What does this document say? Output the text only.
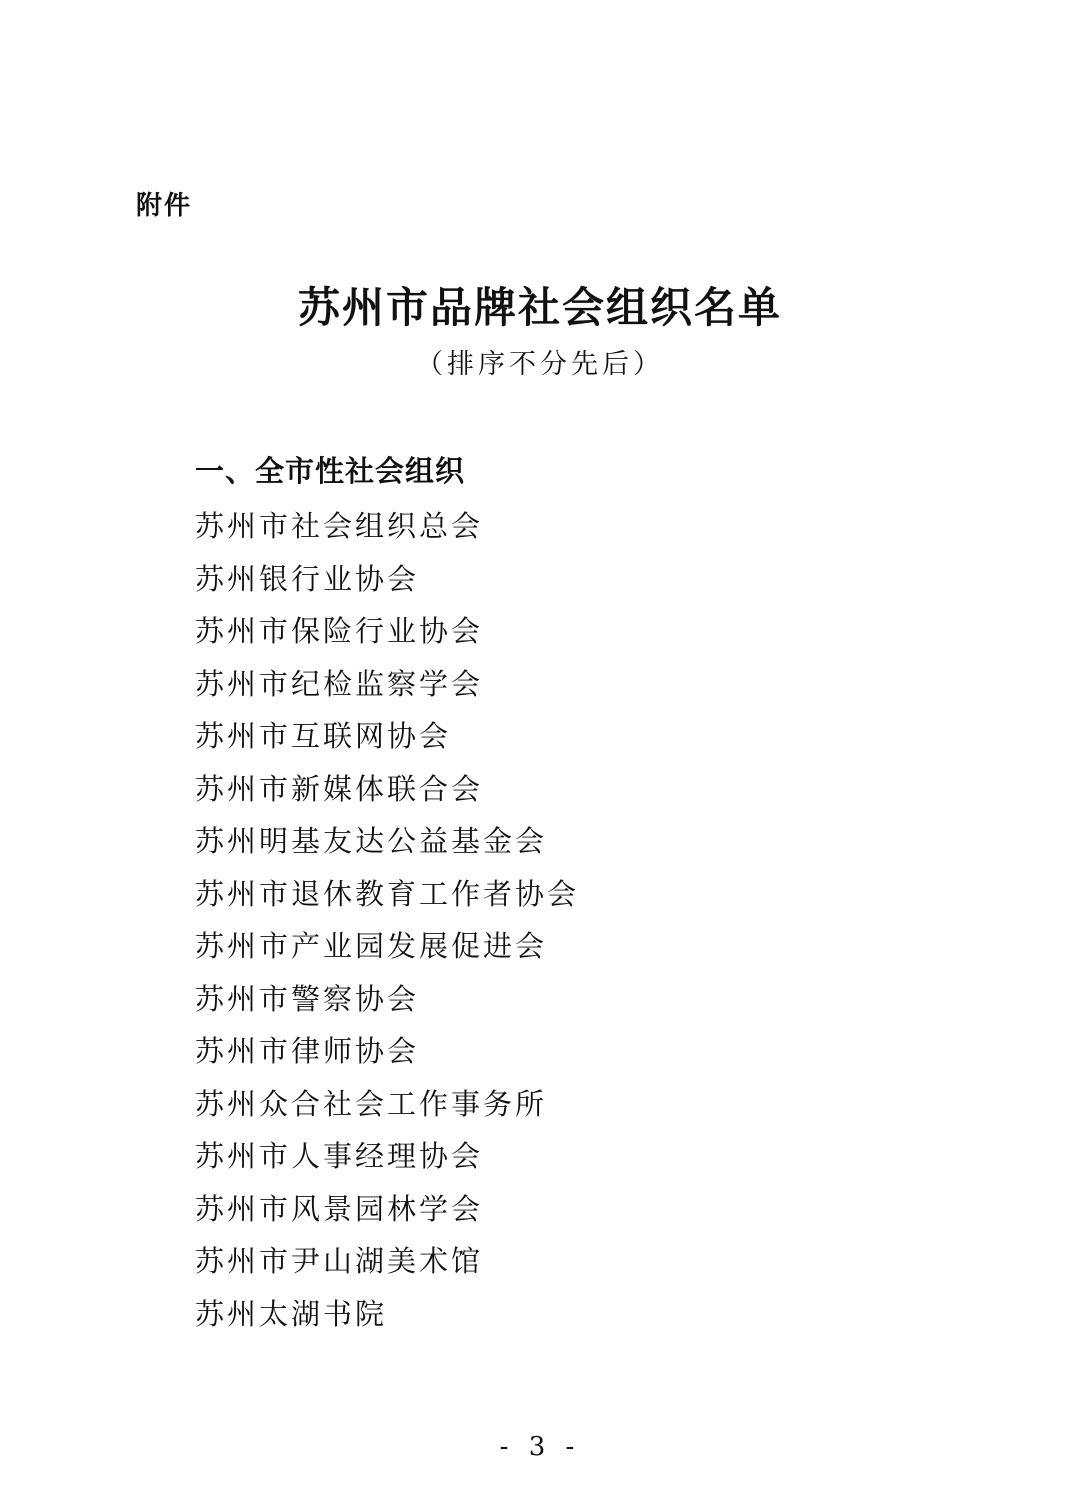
附件
苏州市品牌社会组织名单
（排序不分先后）
一、全市性社会组织
苏州市社会组织总会
苏州银行业协会
苏州市保险行业协会
苏州市纪检监察学会
苏州市互联网协会
苏州市新媒体联合会
苏州明基友达公益基金会
苏州市退休教育工作者协会
苏州市产业园发展促进会
苏州市警察协会
苏州市律师协会
苏州众合社会工作事务所
苏州市人事经理协会
苏州市风景园林学会
苏州市尹山湖美术馆
苏州太湖书院
- 3 -
